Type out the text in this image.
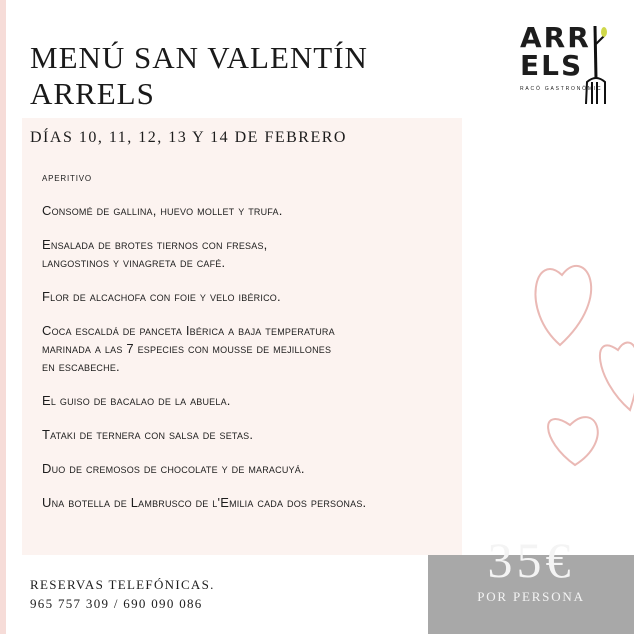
MENÚ SAN VALENTÍN
ARRELS
ARR
ELS
RACÓ GASTRONÒMIC
DÍAS 10, 11, 12, 13 Y 14 DE FEBRERO
aperitivo
Consomé de gallina, huevo mollet y trufa.
Ensalada de brotes tiernos con fresas,
langostinos y vinagreta de café.
Flor de alcachofa con foie y velo ibérico.
Coca escaldá de panceta Ibérica a baja temperatura
marinada a las 7 especies con mousse de mejillones
en escabeche.
El guiso de bacalao de la abuela.
Tataki de ternera con salsa de setas.
Duo de cremosos de chocolate y de maracuyá.
Una botella de Lambrusco de l'Emilia cada dos personas.
35€
POR PERSONA
RESERVAS TELEFÓNICAS.
965 757 309 / 690 090 086
